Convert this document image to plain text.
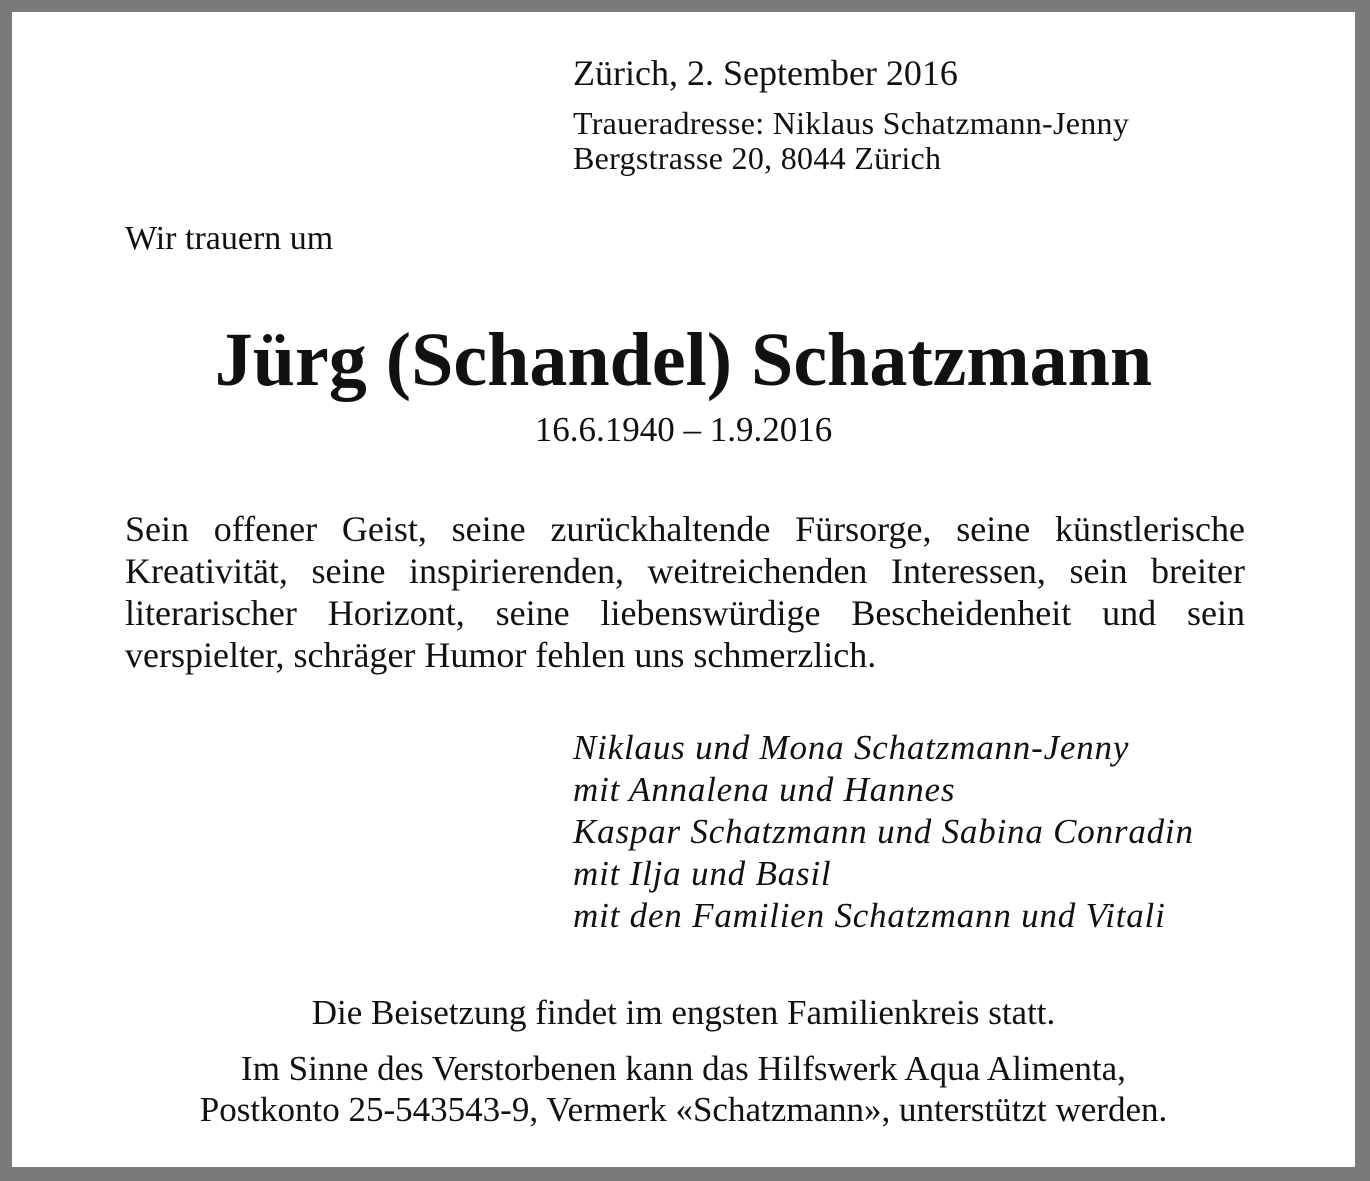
Zürich, 2. September 2016
Traueradresse: Niklaus Schatzmann-Jenny
Bergstrasse 20, 8044 Zürich
Wir trauern um
Jürg (Schandel) Schatzmann
16.6.1940 – 1.9.2016
Sein offener Geist, seine zurückhaltende Fürsorge, seine künstlerische
Kreativität, seine inspirierenden, weitreichenden Interessen, sein breiter
literarischer Horizont, seine liebenswürdige Bescheidenheit und sein
verspielter, schräger Humor fehlen uns schmerzlich.
Niklaus und Mona Schatzmann-Jenny
mit Annalena und Hannes
Kaspar Schatzmann und Sabina Conradin
mit Ilja und Basil
mit den Familien Schatzmann und Vitali
Die Beisetzung findet im engsten Familienkreis statt.
Im Sinne des Verstorbenen kann das Hilfswerk Aqua Alimenta,
Postkonto 25-543543-9, Vermerk «Schatzmann», unterstützt werden.
